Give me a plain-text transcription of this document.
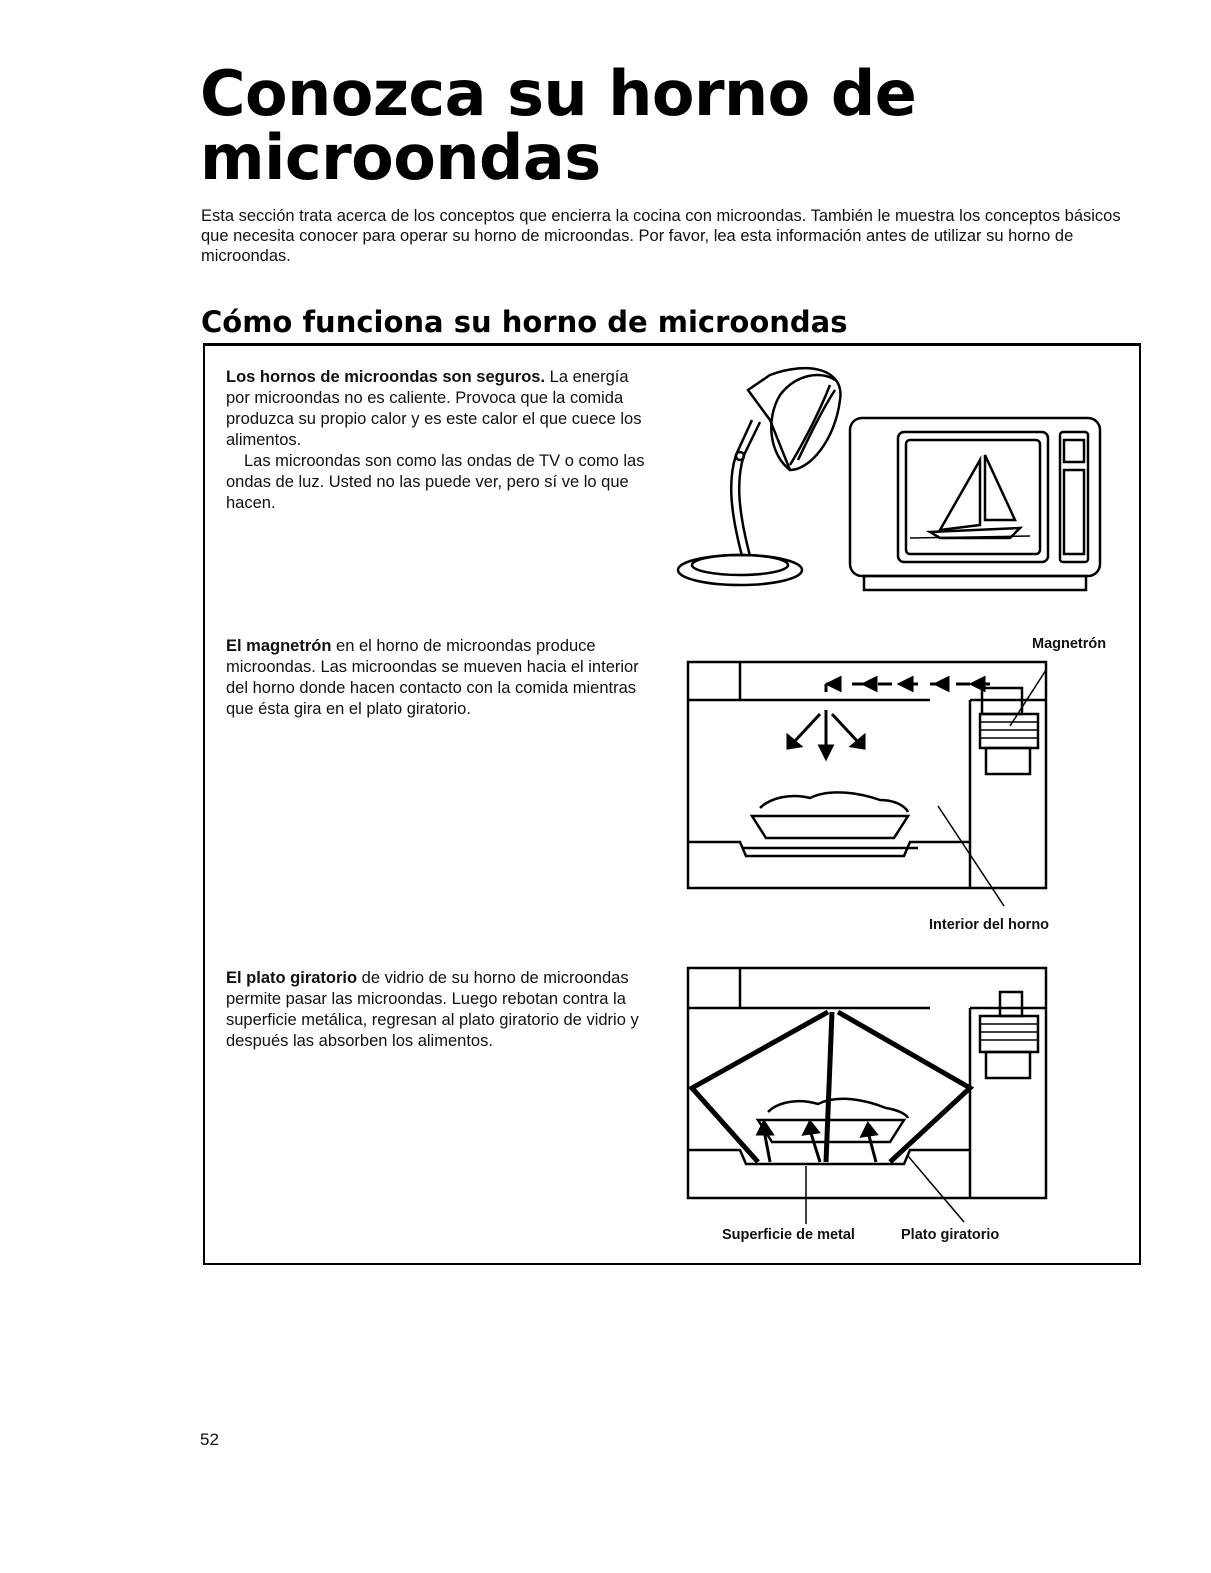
Conozca su horno de microondas

Esta sección trata acerca de los conceptos que encierra la cocina con microondas. También le muestra los conceptos básicos que necesita conocer para operar su horno de microondas. Por favor, lea esta información antes de utilizar su horno de microondas.

Cómo funciona su horno de microondas

Los hornos de microondas son seguros. La energía por microondas no es caliente. Provoca que la comida produzca su propio calor y es este calor el que cuece los alimentos.
Las microondas son como las ondas de TV o como las ondas de luz. Usted no las puede ver, pero sí ve lo que hacen.

El magnetrón en el horno de microondas produce microondas. Las microondas se mueven hacia el interior del horno donde hacen contacto con la comida mientras que ésta gira en el plato giratorio.

El plato giratorio de vidrio de su horno de microondas permite pasar las microondas. Luego rebotan contra la superficie metálica, regresan al plato giratorio de vidrio y después las absorben los alimentos.

Magnetrón
Interior del horno
Superficie de metal	Plato giratorio
52
